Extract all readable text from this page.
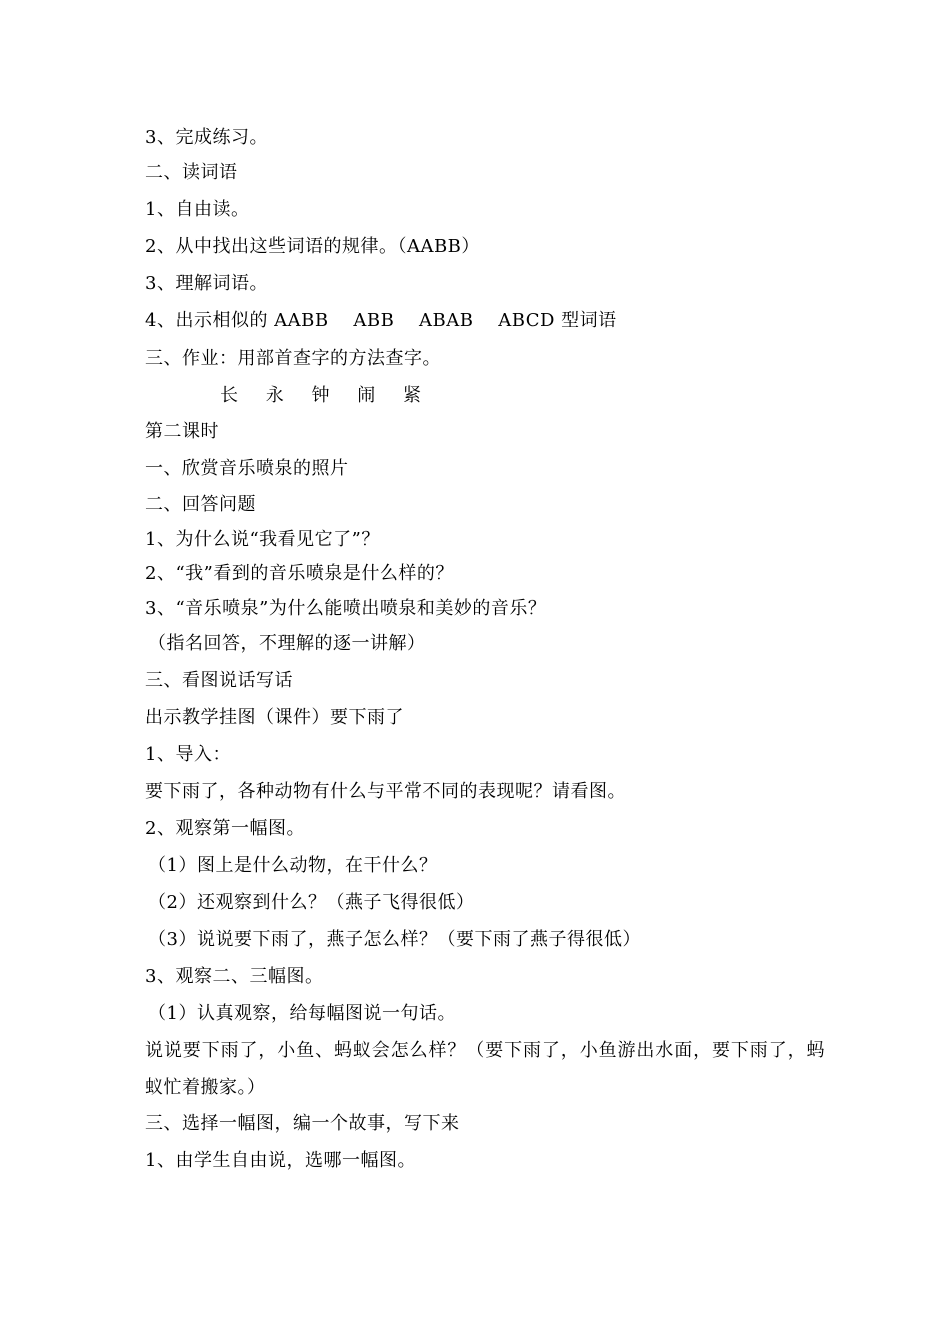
3、完成练习。
二、读词语
1、自由读。
2、从中找出这些词语的规律。（AABB）
3、理解词语。
4、出示相似的 AABB　 ABB　 ABAB　 ABCD 型词语
三、作业：用部首查字的方法查字。
长 永 钟 闹 紧
第二课时
一、欣赏音乐喷泉的照片
二、回答问题
1、为什么说“我看见它了”？
2、“我”看到的音乐喷泉是什么样的？
3、“音乐喷泉”为什么能喷出喷泉和美妙的音乐？
（指名回答，不理解的逐一讲解）
三、看图说话写话
出示教学挂图（课件）要下雨了
1、导入：
要下雨了，各种动物有什么与平常不同的表现呢？请看图。
2、观察第一幅图。
（1）图上是什么动物，在干什么？
（2）还观察到什么？（燕子飞得很低）
（3）说说要下雨了，燕子怎么样？（要下雨了燕子得很低）
3、观察二、三幅图。
（1）认真观察，给每幅图说一句话。
说说要下雨了，小鱼、蚂蚁会怎么样？（要下雨了，小鱼游出水面，要下雨了，蚂蚁忙着搬家。）
三、选择一幅图，编一个故事，写下来
1、由学生自由说，选哪一幅图。
